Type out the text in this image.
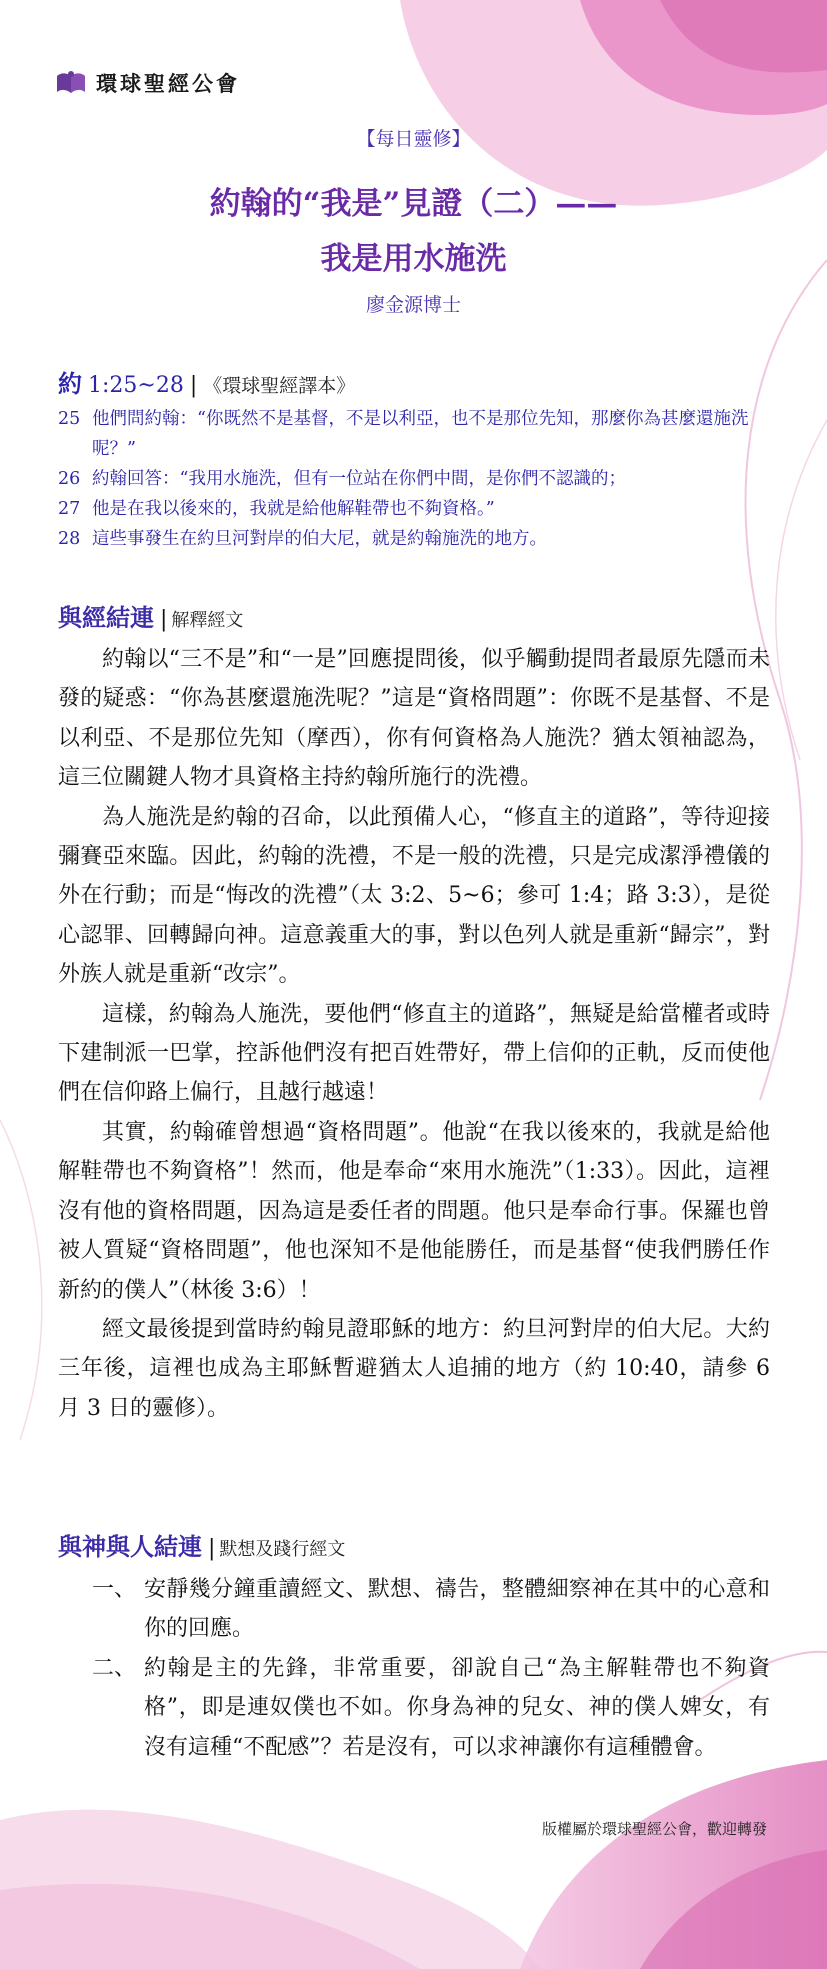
環球聖經公會
【每日靈修】
約翰的“我是”見證（二）——
我是用水施洗
廖金源博士
約 1:25~28 | 《環球聖經譯本》
25 他們問約翰：“你既然不是基督，不是以利亞，也不是那位先知，那麼你為甚麼還施洗呢？”
26 約翰回答：“我用水施洗，但有一位站在你們中間，是你們不認識的；
27 他是在我以後來的，我就是給他解鞋帶也不夠資格。”
28 這些事發生在約旦河對岸的伯大尼，就是約翰施洗的地方。
與經結連 | 解釋經文

約翰以“三不是”和“一是”回應提問後，似乎觸動提問者最原先隱而未發的疑惑：“你為甚麼還施洗呢？”這是“資格問題”：你既不是基督、不是以利亞、不是那位先知（摩西），你有何資格為人施洗？猶太領袖認為，這三位關鍵人物才具資格主持約翰所施行的洗禮。

為人施洗是約翰的召命，以此預備人心，“修直主的道路”，等待迎接彌賽亞來臨。因此，約翰的洗禮，不是一般的洗禮，只是完成潔淨禮儀的外在行動；而是“悔改的洗禮”（太 3:2、5~6；參可 1:4；路 3:3），是從心認罪、回轉歸向神。這意義重大的事，對以色列人就是重新“歸宗”，對外族人就是重新“改宗”。

這樣，約翰為人施洗，要他們“修直主的道路”，無疑是給當權者或時下建制派一巴掌，控訴他們沒有把百姓帶好，帶上信仰的正軌，反而使他們在信仰路上偏行，且越行越遠！

其實，約翰確曾想過“資格問題”。他說“在我以後來的，我就是給他解鞋帶也不夠資格”！然而，他是奉命“來用水施洗”（1:33）。因此，這裡沒有他的資格問題，因為這是委任者的問題。他只是奉命行事。保羅也曾被人質疑“資格問題”，他也深知不是他能勝任，而是基督“使我們勝任作新約的僕人”（林後 3:6）！

經文最後提到當時約翰見證耶穌的地方：約旦河對岸的伯大尼。大約三年後，這裡也成為主耶穌暫避猶太人追捕的地方（約 10:40，請參 6 月 3 日的靈修）。

與神與人結連 | 默想及踐行經文
一、 安靜幾分鐘重讀經文、默想、禱告，整體細察神在其中的心意和你的回應。
二、 約翰是主的先鋒，非常重要，卻說自己“為主解鞋帶也不夠資格”，即是連奴僕也不如。你身為神的兒女、神的僕人婢女，有沒有這種“不配感”？若是沒有，可以求神讓你有這種體會。
版權屬於環球聖經公會，歡迎轉發
